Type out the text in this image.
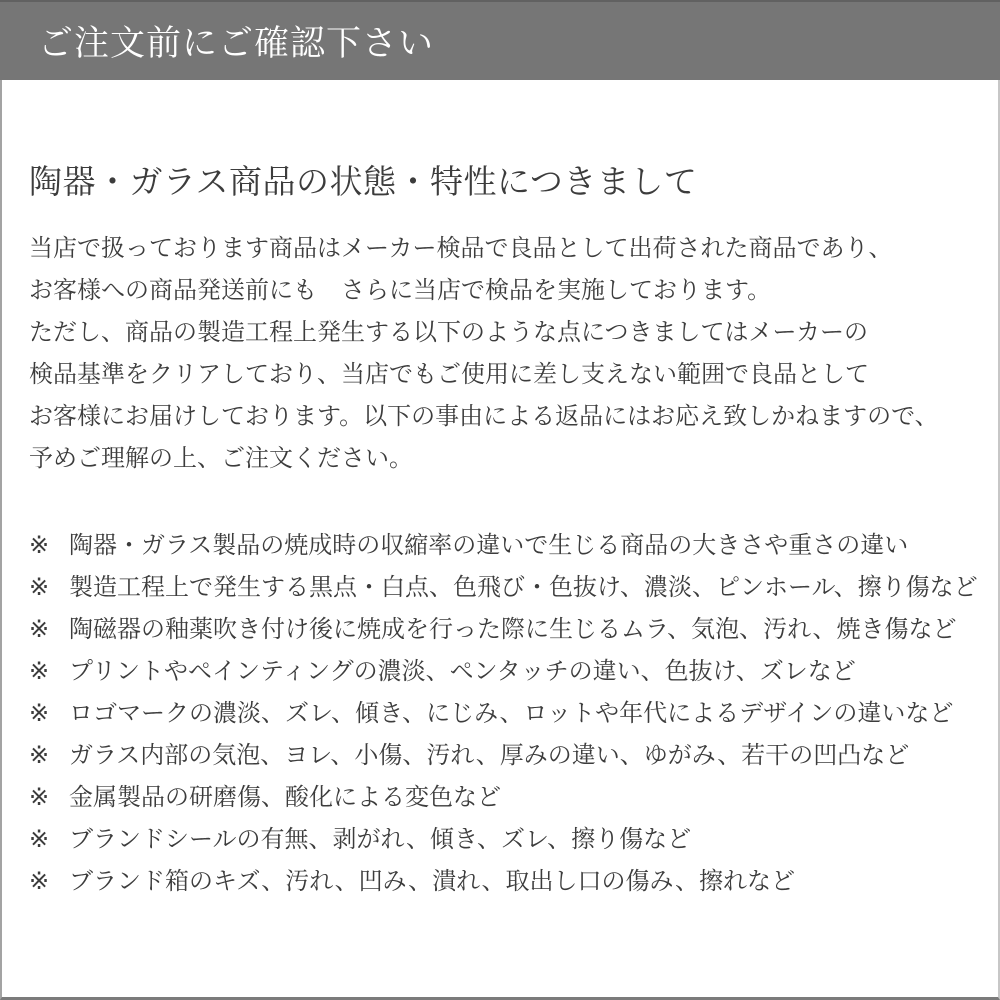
ご注文前にご確認下さい
陶器・ガラス商品の状態・特性につきまして
当店で扱っております商品はメーカー検品で良品として出荷された商品であり、
お客様への商品発送前にも　さらに当店で検品を実施しております。
ただし、商品の製造工程上発生する以下のような点につきましてはメーカーの
検品基準をクリアしており、当店でもご使用に差し支えない範囲で良品として
お客様にお届けしております。以下の事由による返品にはお応え致しかねますので、
予めご理解の上、ご注文ください。
※ 陶器・ガラス製品の焼成時の収縮率の違いで生じる商品の大きさや重さの違い
※ 製造工程上で発生する黒点・白点、色飛び・色抜け、濃淡、ピンホール、擦り傷など
※ 陶磁器の釉薬吹き付け後に焼成を行った際に生じるムラ、気泡、汚れ、焼き傷など
※ プリントやペインティングの濃淡、ペンタッチの違い、色抜け、ズレなど
※ ロゴマークの濃淡、ズレ、傾き、にじみ、ロットや年代によるデザインの違いなど
※ ガラス内部の気泡、ヨレ、小傷、汚れ、厚みの違い、ゆがみ、若干の凹凸など
※ 金属製品の研磨傷、酸化による変色など
※ ブランドシールの有無、剥がれ、傾き、ズレ、擦り傷など
※ ブランド箱のキズ、汚れ、凹み、潰れ、取出し口の傷み、擦れなど
